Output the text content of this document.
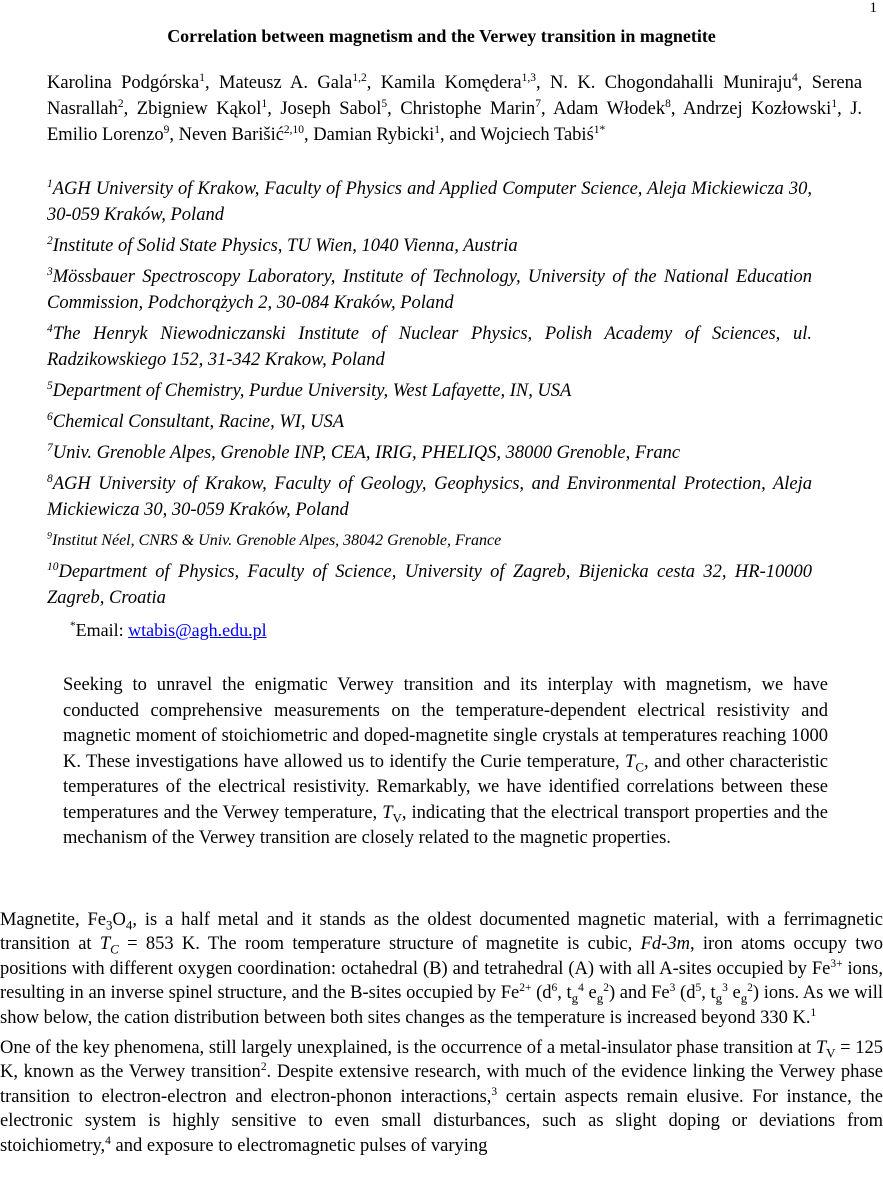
1
Correlation between magnetism and the Verwey transition in magnetite
Karolina Podgórska$^1$, Mateusz A. Gala$^{1,2}$, Kamila Komędera$^{1,3}$, N. K. Chogondahalli Muniraju$^4$, Serena Nasrallah$^2$, Zbigniew Kąkol$^1$, Joseph Sabol$^5$, Christophe Marin$^7$, Adam Włodek$^8$, Andrzej Kozłowski$^1$, J. Emilio Lorenzo$^9$, Neven Barišić$^{2,10}$, Damian Rybicki$^1$, and Wojciech Tabiś$^{1*}$
$^1$AGH University of Krakow, Faculty of Physics and Applied Computer Science, Aleja Mickiewicza 30, 30-059 Kraków, Poland
$^2$Institute of Solid State Physics, TU Wien, 1040 Vienna, Austria
$^3$Mössbauer Spectroscopy Laboratory, Institute of Technology, University of the National Education Commission, Podchorążych 2, 30-084 Kraków, Poland
$^4$The Henryk Niewodniczanski Institute of Nuclear Physics, Polish Academy of Sciences, ul. Radzikowskiego 152, 31-342 Krakow, Poland
$^5$Department of Chemistry, Purdue University, West Lafayette, IN, USA
$^6$Chemical Consultant, Racine, WI, USA
$^7$Univ. Grenoble Alpes, Grenoble INP, CEA, IRIG, PHELIQS, 38000 Grenoble, Franc
$^8$AGH University of Krakow, Faculty of Geology, Geophysics, and Environmental Protection, Aleja Mickiewicza 30, 30-059 Kraków, Poland
$^9$Institut Néel, CNRS & Univ. Grenoble Alpes, 38042 Grenoble, France
$^{10}$Department of Physics, Faculty of Science, University of Zagreb, Bijenicka cesta 32, HR-10000 Zagreb, Croatia
*Email: wtabis@agh.edu.pl
Seeking to unravel the enigmatic Verwey transition and its interplay with magnetism, we have conducted comprehensive measurements on the temperature-dependent electrical resistivity and magnetic moment of stoichiometric and doped-magnetite single crystals at temperatures reaching 1000 K. These investigations have allowed us to identify the Curie temperature, $T_C$, and other characteristic temperatures of the electrical resistivity. Remarkably, we have identified correlations between these temperatures and the Verwey temperature, $T_V$, indicating that the electrical transport properties and the mechanism of the Verwey transition are closely related to the magnetic properties.

Magnetite, $Fe_3O_4$, is a half metal and it stands as the oldest documented magnetic material, with a ferrimagnetic transition at $T_C = 853$ K. The room temperature structure of magnetite is cubic, Fd-3m, iron atoms occupy two positions with different oxygen coordination: octahedral (B) and tetrahedral (A) with all A-sites occupied by $Fe^{3+}$ ions, resulting in an inverse spinel structure, and the B-sites occupied by $Fe^{2+}$ ($d^6$, $t_g^4$ $e_g^2$) and Fe$^3$ ($d^5$, $t_g^3$ $e_g^2$) ions. As we will show below, the cation distribution between both sites changes as the temperature is increased beyond 330 K.$^1$

One of the key phenomena, still largely unexplained, is the occurrence of a metal-insulator phase transition at $T_V = 125$ K, known as the Verwey transition$^2$. Despite extensive research, with much of the evidence linking the Verwey phase transition to electron-electron and electron-phonon interactions,$^3$ certain aspects remain elusive. For instance, the electronic system is highly sensitive to even small disturbances, such as slight doping or deviations from stoichiometry,$^4$ and exposure to electromagnetic pulses of varying
